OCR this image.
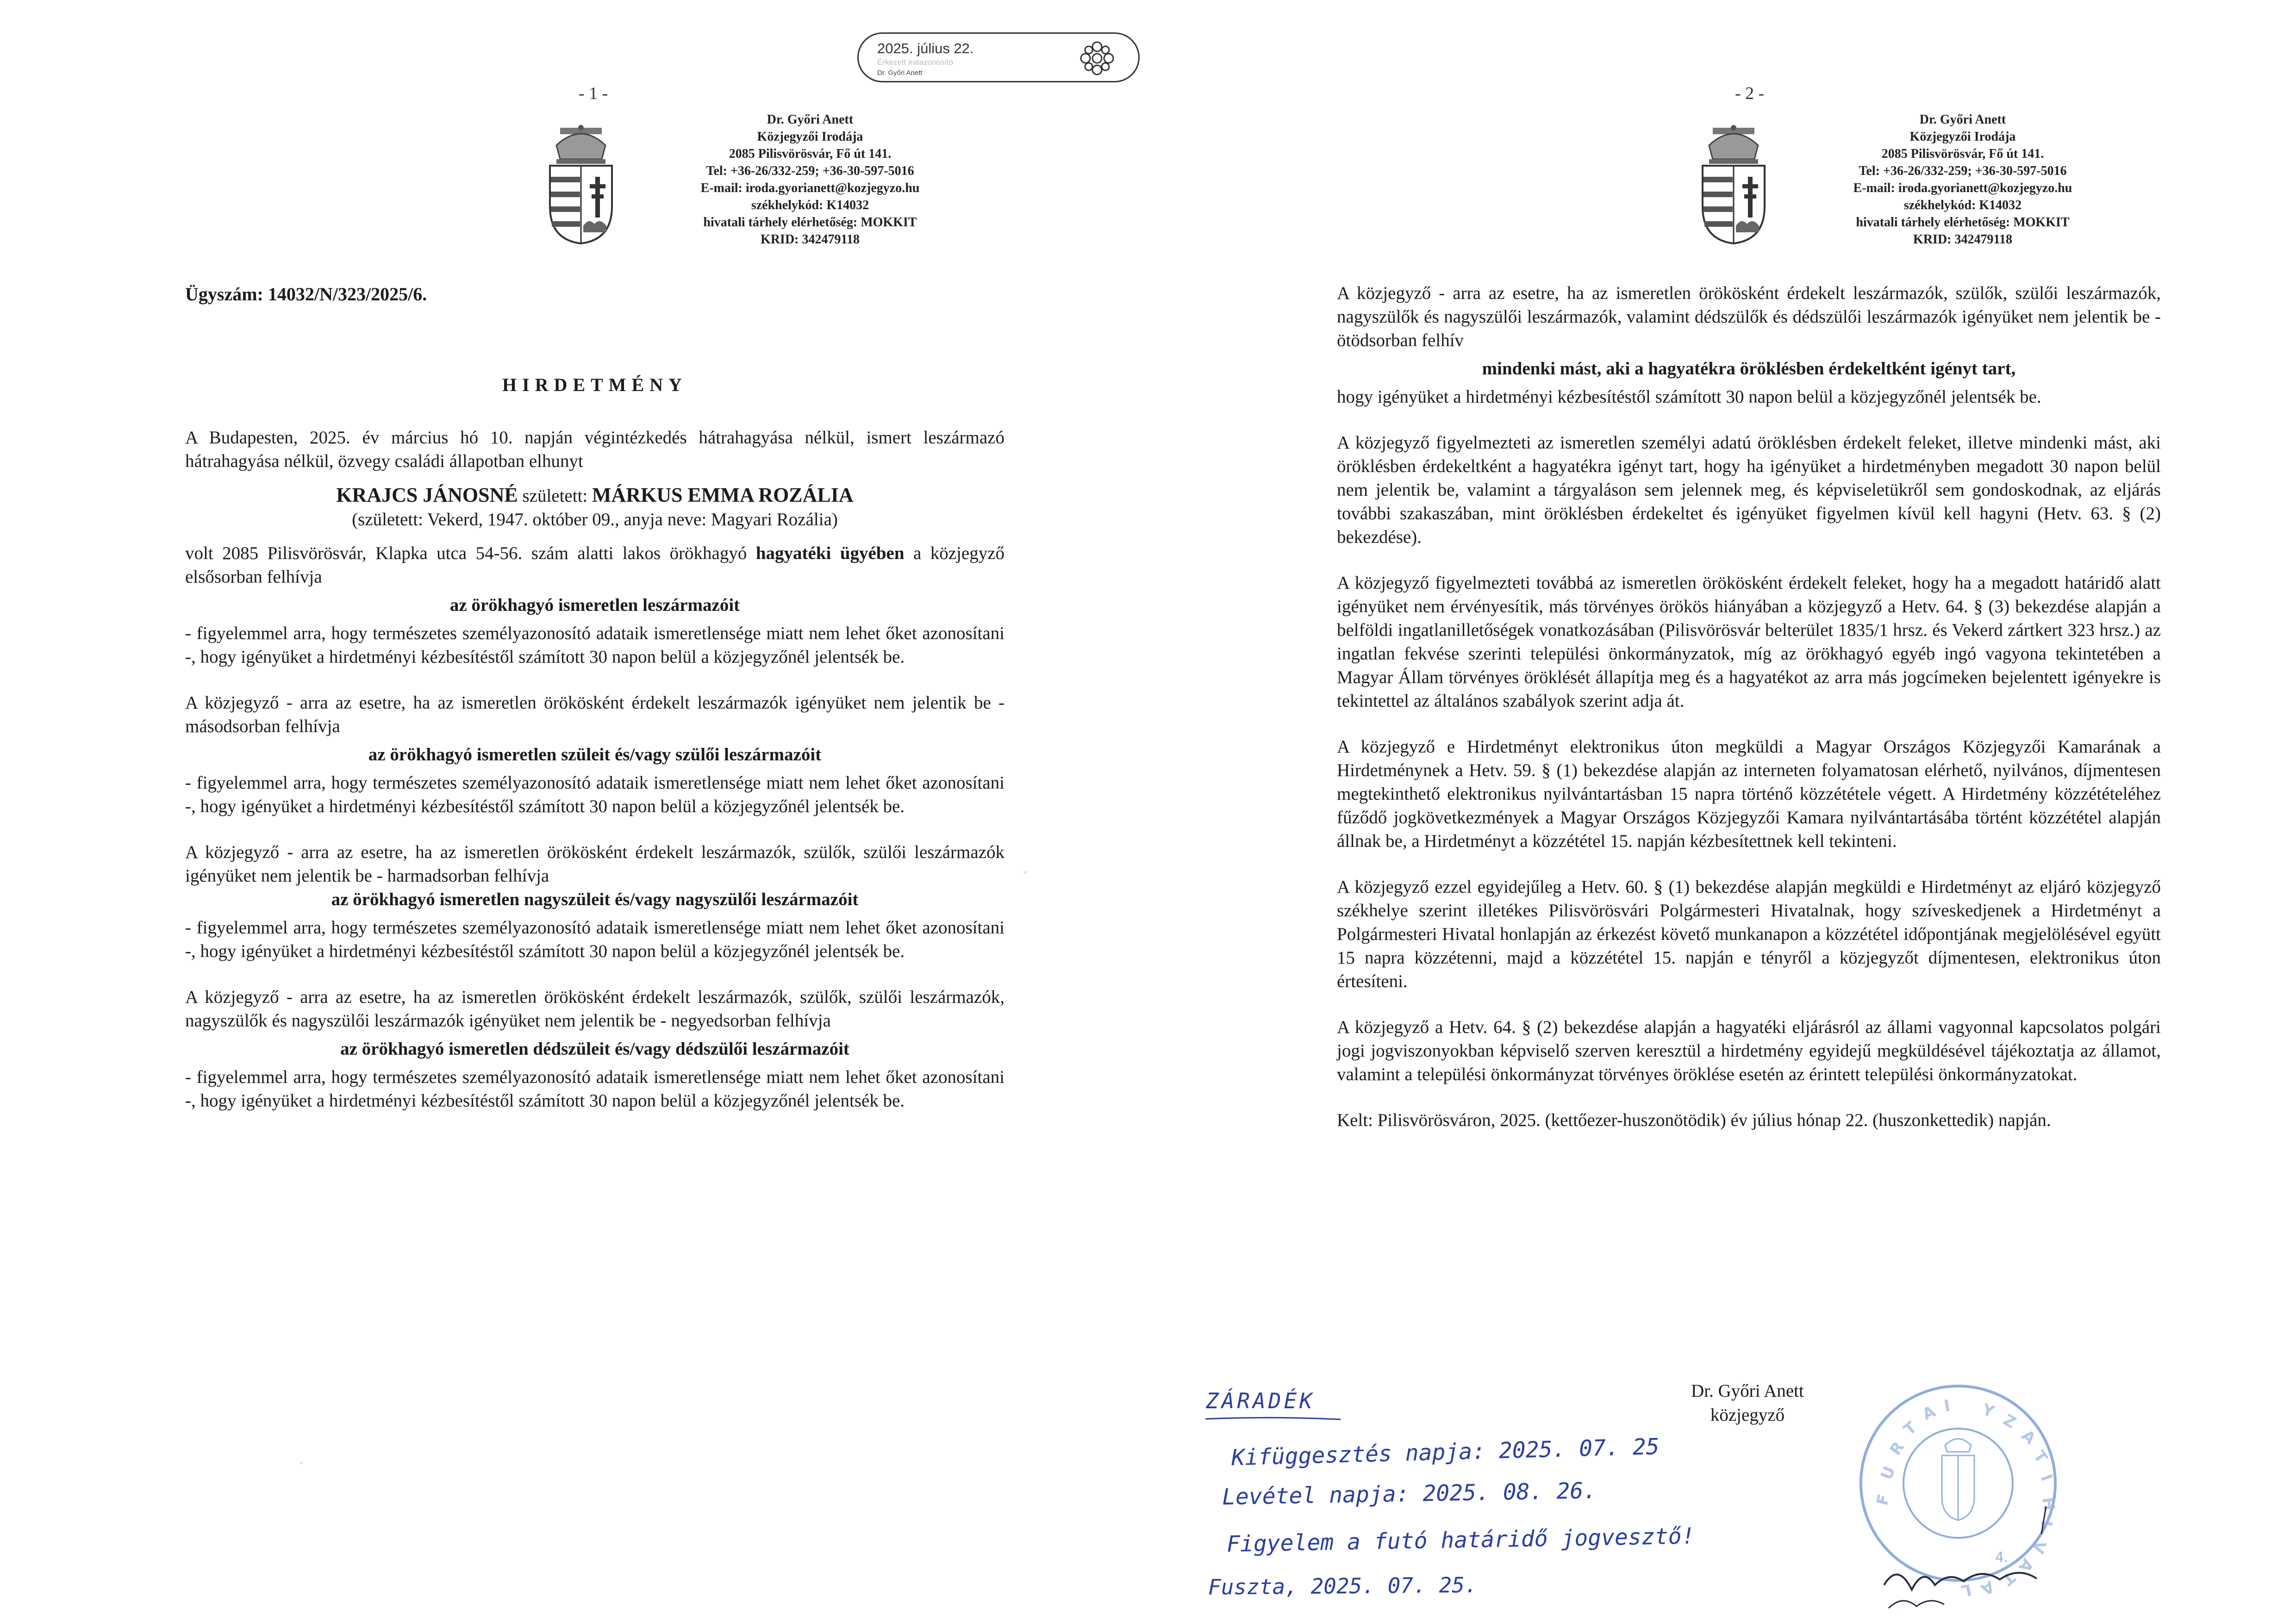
- 1 -
Dr. Győri Anett
Közjegyzői Irodája
2085 Pilisvörösvár, Fő út 141.
Tel: +36-26/332-259; +36-30-597-5016
E-mail: iroda.gyorianett@kozjegyzo.hu
székhelykód: K14032
hivatali tárhely elérhetőség: MOKKIT
KRID: 342479118
Ügyszám: 14032/N/323/2025/6.
HIRDETMÉNY

A Budapesten, 2025. év március hó 10. napján végintézkedés hátrahagyása nélkül, ismert leszármazó hátrahagyása nélkül, özvegy családi állapotban elhunyt

KRAJCS JÁNOSNÉ született: MÁRKUS EMMA ROZÁLIA

(született: Vekerd, 1947. október 09., anyja neve: Magyari Rozália)

volt 2085 Pilisvörösvár, Klapka utca 54-56. szám alatti lakos örökhagyó hagyatéki ügyében a közjegyző elsősorban felhívja

az örökhagyó ismeretlen leszármazóit

- figyelemmel arra, hogy természetes személyazonosító adataik ismeretlensége miatt nem lehet őket azonosítani -, hogy igényüket a hirdetményi kézbesítéstől számított 30 napon belül a közjegyzőnél jelentsék be.

A közjegyző - arra az esetre, ha az ismeretlen örökösként érdekelt leszármazók igényüket nem jelentik be - másodsorban felhívja

az örökhagyó ismeretlen szüleit és/vagy szülői leszármazóit

- figyelemmel arra, hogy természetes személyazonosító adataik ismeretlensége miatt nem lehet őket azonosítani -, hogy igényüket a hirdetményi kézbesítéstől számított 30 napon belül a közjegyzőnél jelentsék be.

A közjegyző - arra az esetre, ha az ismeretlen örökösként érdekelt leszármazók, szülők, szülői leszármazók igényüket nem jelentik be - harmadsorban felhívja

az örökhagyó ismeretlen nagyszüleit és/vagy nagyszülői leszármazóit

- figyelemmel arra, hogy természetes személyazonosító adataik ismeretlensége miatt nem lehet őket azonosítani -, hogy igényüket a hirdetményi kézbesítéstől számított 30 napon belül a közjegyzőnél jelentsék be.

A közjegyző - arra az esetre, ha az ismeretlen örökösként érdekelt leszármazók, szülők, szülői leszármazók, nagyszülők és nagyszülői leszármazók igényüket nem jelentik be - negyedsorban felhívja

az örökhagyó ismeretlen dédszüleit és/vagy dédszülői leszármazóit

- figyelemmel arra, hogy természetes személyazonosító adataik ismeretlensége miatt nem lehet őket azonosítani -, hogy igényüket a hirdetményi kézbesítéstől számított 30 napon belül a közjegyzőnél jelentsék be.

2025. július 22.
Érkezett iratazonosító
Dr. Győri Anett
- 2 -
Dr. Győri Anett
Közjegyzői Irodája
2085 Pilisvörösvár, Fő út 141.
Tel: +36-26/332-259; +36-30-597-5016
E-mail: iroda.gyorianett@kozjegyzo.hu
székhelykód: K14032
hivatali tárhely elérhetőség: MOKKIT
KRID: 342479118

A közjegyző - arra az esetre, ha az ismeretlen örökösként érdekelt leszármazók, szülők, szülői leszármazók, nagyszülők és nagyszülői leszármazók, valamint dédszülők és dédszülői leszármazók igényüket nem jelentik be - ötödsorban felhív

mindenki mást, aki a hagyatékra öröklésben érdekeltként igényt tart,

hogy igényüket a hirdetményi kézbesítéstől számított 30 napon belül a közjegyzőnél jelentsék be.

A közjegyző figyelmezteti az ismeretlen személyi adatú öröklésben érdekelt feleket, illetve mindenki mást, aki öröklésben érdekeltként a hagyatékra igényt tart, hogy ha igényüket a hirdetményben megadott 30 napon belül nem jelentik be, valamint a tárgyaláson sem jelennek meg, és képviseletükről sem gondoskodnak, az eljárás további szakaszában, mint öröklésben érdekeltet és igényüket figyelmen kívül kell hagyni (Hetv. 63. § (2) bekezdése).

A közjegyző figyelmezteti továbbá az ismeretlen örökösként érdekelt feleket, hogy ha a megadott határidő alatt igényüket nem érvényesítik, más törvényes örökös hiányában a közjegyző a Hetv. 64. § (3) bekezdése alapján a belföldi ingatlanilletőségek vonatkozásában (Pilisvörösvár belterület 1835/1 hrsz. és Vekerd zártkert 323 hrsz.) az ingatlan fekvése szerinti települési önkormányzatok, míg az örökhagyó egyéb ingó vagyona tekintetében a Magyar Állam törvényes öröklését állapítja meg és a hagyatékot az arra más jogcímeken bejelentett igényekre is tekintettel az általános szabályok szerint adja át.

A közjegyző e Hirdetményt elektronikus úton megküldi a Magyar Országos Közjegyzői Kamarának a Hirdetménynek a Hetv. 59. § (1) bekezdése alapján az interneten folyamatosan elérhető, nyilvános, díjmentesen megtekinthető elektronikus nyilvántartásban 15 napra történő közzététele végett. A Hirdetmény közzétételéhez fűződő jogkövetkezmények a Magyar Országos Közjegyzői Kamara nyilvántartásába történt közzététel alapján állnak be, a Hirdetményt a közzététel 15. napján kézbesítettnek kell tekinteni.

A közjegyző ezzel egyidejűleg a Hetv. 60. § (1) bekezdése alapján megküldi e Hirdetményt az eljáró közjegyző székhelye szerint illetékes Pilisvörösvári Polgármesteri Hivatalnak, hogy szíveskedjenek a Hirdetményt a Polgármesteri Hivatal honlapján az érkezést követő munkanapon a közzététel időpontjának megjelölésével együtt 15 napra közzétenni, majd a közzététel 15. napján e tényről a közjegyzőt díjmentesen, elektronikus úton értesíteni.

A közjegyző a Hetv. 64. § (2) bekezdése alapján a hagyatéki eljárásról az állami vagyonnal kapcsolatos polgári jogi jogviszonyokban képviselő szerven keresztül a hirdetmény egyidejű megküldésével tájékoztatja az államot, valamint a települési önkormányzat törvényes öröklése esetén az érintett települési önkormányzatokat.

Kelt: Pilisvörösváron, 2025. (kettőezer-huszonötödik) év július hónap 22. (huszonkettedik) napján.

Dr. Győri Anett
közjegyző
ZÁRADÉK
Kifüggesztés napja: 2025. 07. 25
Levétel napja: 2025. 08. 26.
Figyelem a futó határidő jogvesztő!
Fuszta, 2025. 07. 25.
F
U
R
T
A I Y Z
A
T
I
H
I
V
A
T
A
L
4.
